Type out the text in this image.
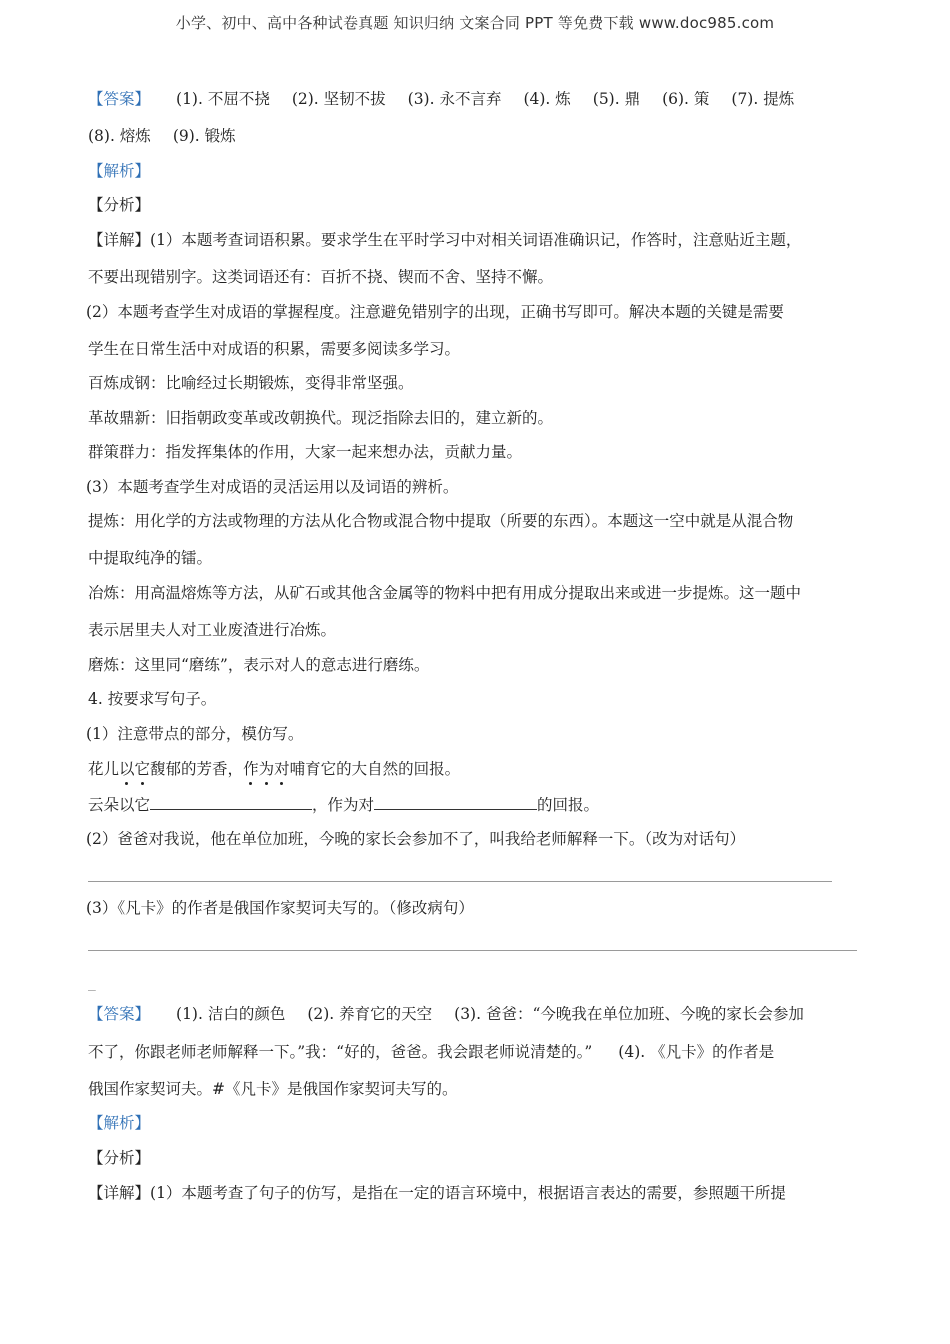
小学、初中、高中各种试卷真题 知识归纳 文案合同 PPT 等免费下载 www.doc985.com
【答案】 (1). 不屈不挠 (2). 坚韧不拔 (3). 永不言弃 (4). 炼 (5). 鼎 (6). 策 (7). 提炼
(8). 熔炼 (9). 锻炼
【解析】
【分析】
【详解】(1）本题考查词语积累。要求学生在平时学习中对相关词语准确识记，作答时，注意贴近主题，
不要出现错别字。这类词语还有：百折不挠、锲而不舍、坚持不懈。
(2）本题考查学生对成语的掌握程度。注意避免错别字的出现，正确书写即可。解决本题的关键是需要
学生在日常生活中对成语的积累，需要多阅读多学习。
百炼成钢：比喻经过长期锻炼，变得非常坚强。
革故鼎新：旧指朝政变革或改朝换代。现泛指除去旧的，建立新的。
群策群力：指发挥集体的作用，大家一起来想办法，贡献力量。
(3）本题考查学生对成语的灵活运用以及词语的辨析。
提炼：用化学的方法或物理的方法从化合物或混合物中提取（所要的东西）。本题这一空中就是从混合物
中提取纯净的镭。
冶炼：用高温熔炼等方法，从矿石或其他含金属等的物料中把有用成分提取出来或进一步提炼。这一题中
表示居里夫人对工业废渣进行冶炼。
磨炼：这里同“磨练”，表示对人的意志进行磨练。
4. 按要求写句子。
(1）注意带点的部分，模仿写。
花儿以它馥郁的芳香，作为对哺育它的大自然的回报。
云朵以它	，作为对	的回报。
(2）爸爸对我说，他在单位加班，今晚的家长会参加不了，叫我给老师解释一下。（改为对话句）
(3）《凡卡》的作者是俄国作家契诃夫写的。（修改病句）
_
【答案】 (1). 洁白的颜色 (2). 养育它的天空 (3). 爸爸：“今晚我在单位加班、今晚的家长会参加
不了，你跟老师老师解释一下。”我：“好的，爸爸。我会跟老师说清楚的。” (4). 《凡卡》的作者是
俄国作家契诃夫。#《凡卡》是俄国作家契诃夫写的。
【解析】
【分析】
【详解】(1）本题考查了句子的仿写，是指在一定的语言环境中，根据语言表达的需要，参照题干所提
